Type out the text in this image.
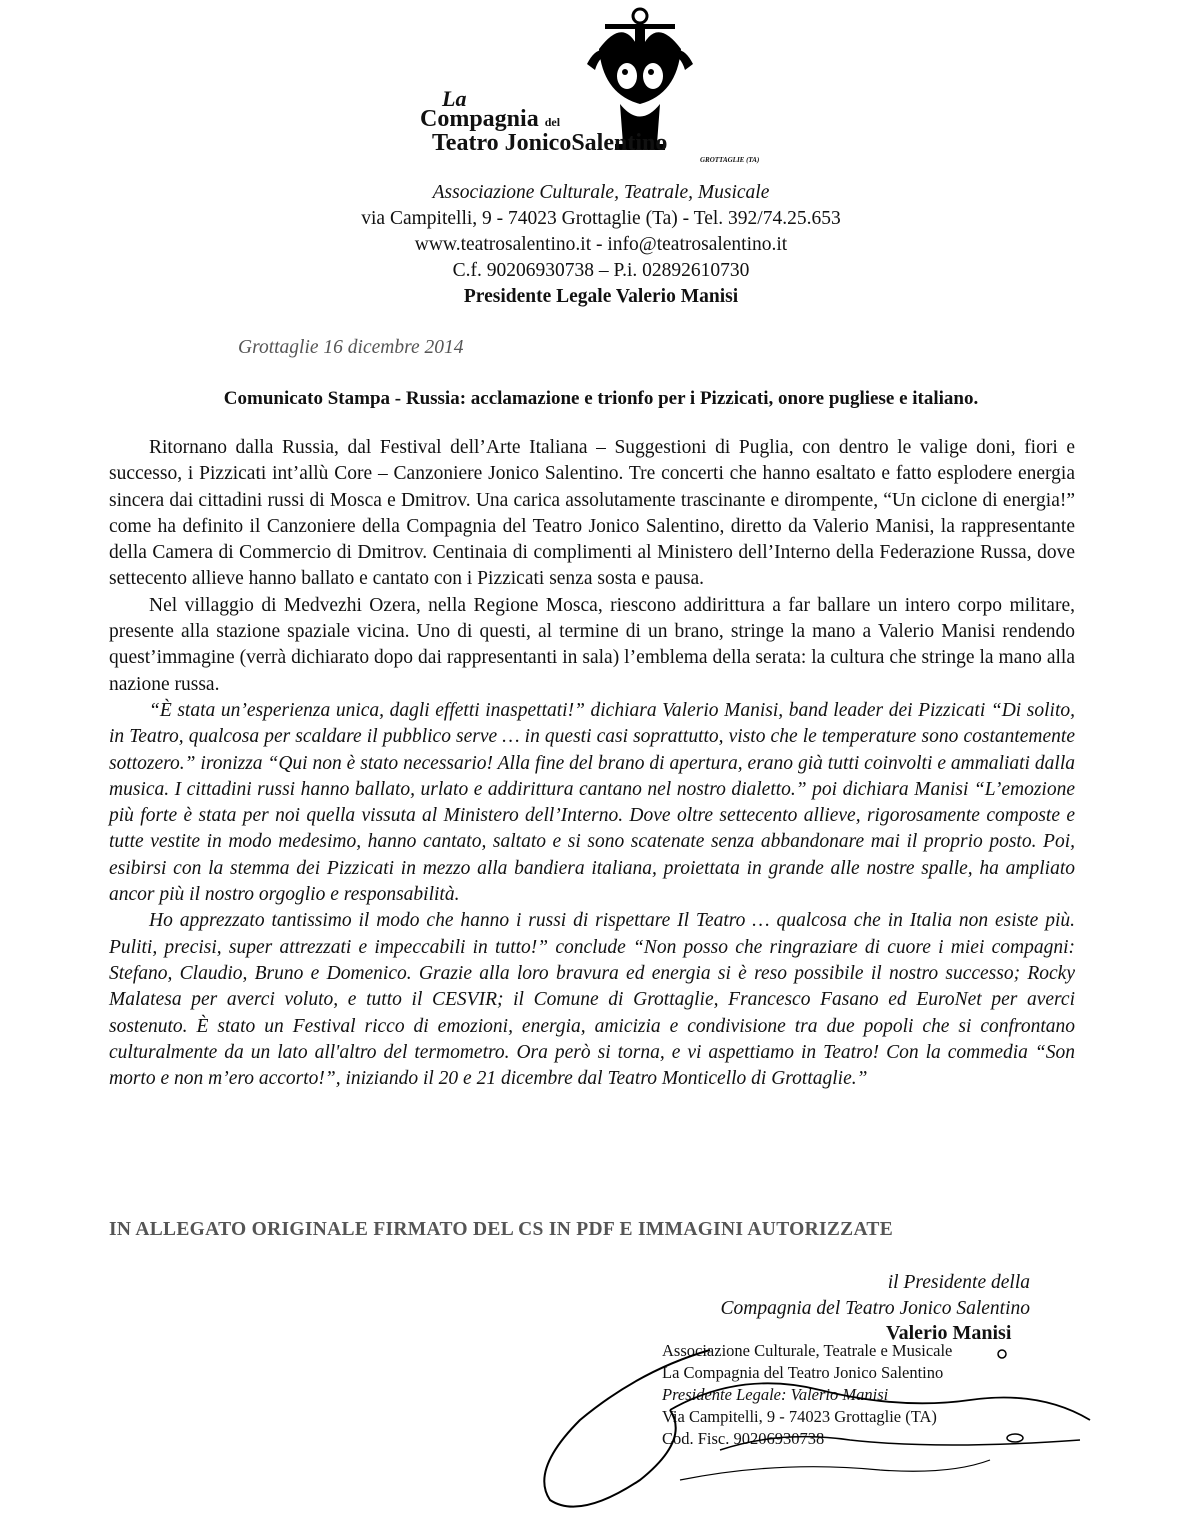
La
Compagnia del
Teatro JonicoSalentino
GROTTAGLIE (TA)
Associazione Culturale, Teatrale, Musicale
via Campitelli, 9 - 74023 Grottaglie (Ta) - Tel. 392/74.25.653
www.teatrosalentino.it - info@teatrosalentino.it
C.f. 90206930738 – P.i. 02892610730
Presidente Legale Valerio Manisi
Grottaglie 16 dicembre 2014
Comunicato Stampa - Russia: acclamazione e trionfo per i Pizzicati, onore pugliese e italiano.

Ritornano dalla Russia, dal Festival dell’Arte Italiana – Suggestioni di Puglia, con dentro le valige doni, fiori e successo, i Pizzicati int’allù Core – Canzoniere Jonico Salentino. Tre concerti che hanno esaltato e fatto esplodere energia sincera dai cittadini russi di Mosca e Dmitrov. Una carica assolutamente trascinante e dirompente, “Un ciclone di energia!” come ha definito il Canzoniere della Compagnia del Teatro Jonico Salentino, diretto da Valerio Manisi, la rappresentante della Camera di Commercio di Dmitrov. Centinaia di complimenti al Ministero dell’Interno della Federazione Russa, dove settecento allieve hanno ballato e cantato con i Pizzicati senza sosta e pausa.

Nel villaggio di Medvezhi Ozera, nella Regione Mosca, riescono addirittura a far ballare un intero corpo militare, presente alla stazione spaziale vicina. Uno di questi, al termine di un brano, stringe la mano a Valerio Manisi rendendo quest’immagine (verrà dichiarato dopo dai rappresentanti in sala) l’emblema della serata: la cultura che stringe la mano alla nazione russa.

“È stata un’esperienza unica, dagli effetti inaspettati!” dichiara Valerio Manisi, band leader dei Pizzicati “Di solito, in Teatro, qualcosa per scaldare il pubblico serve … in questi casi soprattutto, visto che le temperature sono costantemente sottozero.” ironizza “Qui non è stato necessario! Alla fine del brano di apertura, erano già tutti coinvolti e ammaliati dalla musica. I cittadini russi hanno ballato, urlato e addirittura cantano nel nostro dialetto.” poi dichiara Manisi “L’emozione più forte è stata per noi quella vissuta al Ministero dell’Interno. Dove oltre settecento allieve, rigorosamente composte e tutte vestite in modo medesimo, hanno cantato, saltato e si sono scatenate senza abbandonare mai il proprio posto. Poi, esibirsi con la stemma dei Pizzicati in mezzo alla bandiera italiana, proiettata in grande alle nostre spalle, ha ampliato ancor più il nostro orgoglio e responsabilità.

Ho apprezzato tantissimo il modo che hanno i russi di rispettare Il Teatro … qualcosa che in Italia non esiste più. Puliti, precisi, super attrezzati e impeccabili in tutto!” conclude “Non posso che ringraziare di cuore i miei compagni: Stefano, Claudio, Bruno e Domenico. Grazie alla loro bravura ed energia si è reso possibile il nostro successo; Rocky Malatesa per averci voluto, e tutto il CESVIR; il Comune di Grottaglie, Francesco Fasano ed EuroNet per averci sostenuto. È stato un Festival ricco di emozioni, energia, amicizia e condivisione tra due popoli che si confrontano culturalmente da un lato all'altro del termometro. Ora però si torna, e vi aspettiamo in Teatro! Con la commedia “Son morto e non m’ero accorto!”, iniziando il 20 e 21 dicembre dal Teatro Monticello di Grottaglie.”

IN ALLEGATO ORIGINALE FIRMATO DEL CS IN PDF E IMMAGINI AUTORIZZATE
il Presidente della
Compagnia del Teatro Jonico Salentino
Valerio Manisi
Associazione Culturale, Teatrale e Musicale
La Compagnia del Teatro Jonico Salentino
Presidente Legale: Valerio Manisi
Via Campitelli, 9 - 74023 Grottaglie (TA)
Cod. Fisc. 90206930738
